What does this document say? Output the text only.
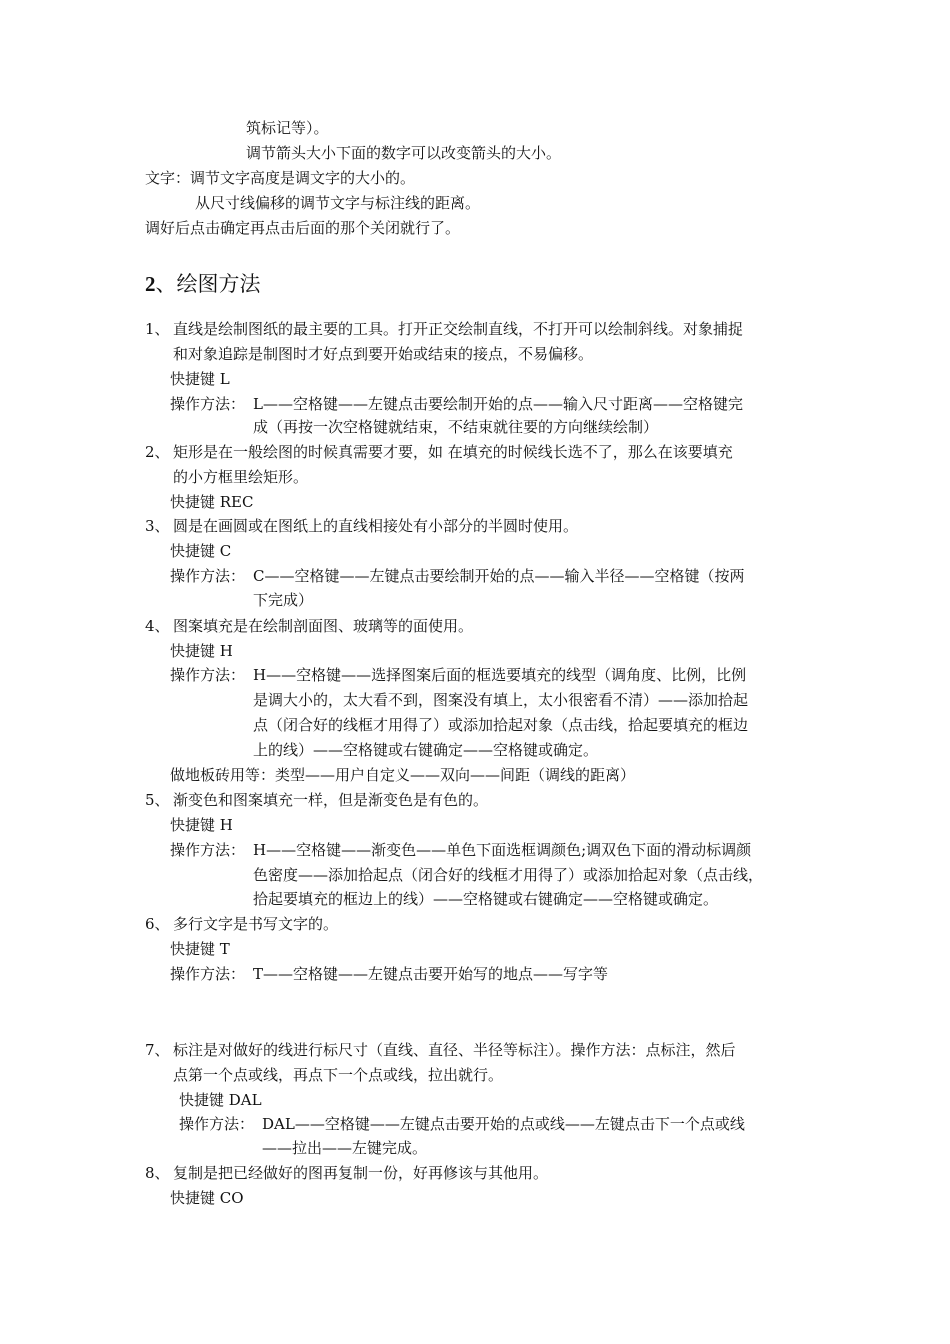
筑标记等）。
调节箭头大小下面的数字可以改变箭头的大小。
文字：调节文字高度是调文字的大小的。
从尺寸线偏移的调节文字与标注线的距离。
调好后点击确定再点击后面的那个关闭就行了。
2、绘图方法
1、 直线是绘制图纸的最主要的工具。打开正交绘制直线，不打开可以绘制斜线。对象捕捉
和对象追踪是制图时才好点到要开始或结束的接点，不易偏移。
快捷键 L
操作方法： L——空格键——左键点击要绘制开始的点——输入尺寸距离——空格键完
成（再按一次空格键就结束，不结束就往要的方向继续绘制）
2、 矩形是在一般绘图的时候真需要才要，如 在填充的时候线长选不了，那么在该要填充
的小方框里绘矩形。
快捷键 REC
3、 圆是在画圆或在图纸上的直线相接处有小部分的半圆时使用。
快捷键 C
操作方法： C——空格键——左键点击要绘制开始的点——输入半径——空格键（按两
下完成）
4、 图案填充是在绘制剖面图、玻璃等的面使用。
快捷键 H
操作方法： H——空格键——选择图案后面的框选要填充的线型（调角度、比例，比例
是调大小的，太大看不到，图案没有填上，太小很密看不清）——添加拾起
点（闭合好的线框才用得了）或添加拾起对象（点击线，拾起要填充的框边
上的线）——空格键或右键确定——空格键或确定。
做地板砖用等：类型——用户自定义——双向——间距（调线的距离）
5、 渐变色和图案填充一样，但是渐变色是有色的。
快捷键 H
操作方法： H——空格键——渐变色——单色下面选框调颜色;调双色下面的滑动标调颜
色密度——添加拾起点（闭合好的线框才用得了）或添加拾起对象（点击线，
拾起要填充的框边上的线）——空格键或右键确定——空格键或确定。
6、 多行文字是书写文字的。
快捷键 T
操作方法： T——空格键——左键点击要开始写的地点——写字等
7、 标注是对做好的线进行标尺寸（直线、直径、半径等标注）。操作方法：点标注，然后
点第一个点或线，再点下一个点或线，拉出就行。
快捷键 DAL
操作方法： DAL——空格键——左键点击要开始的点或线——左键点击下一个点或线
——拉出——左键完成。
8、 复制是把已经做好的图再复制一份，好再修该与其他用。
快捷键 CO
